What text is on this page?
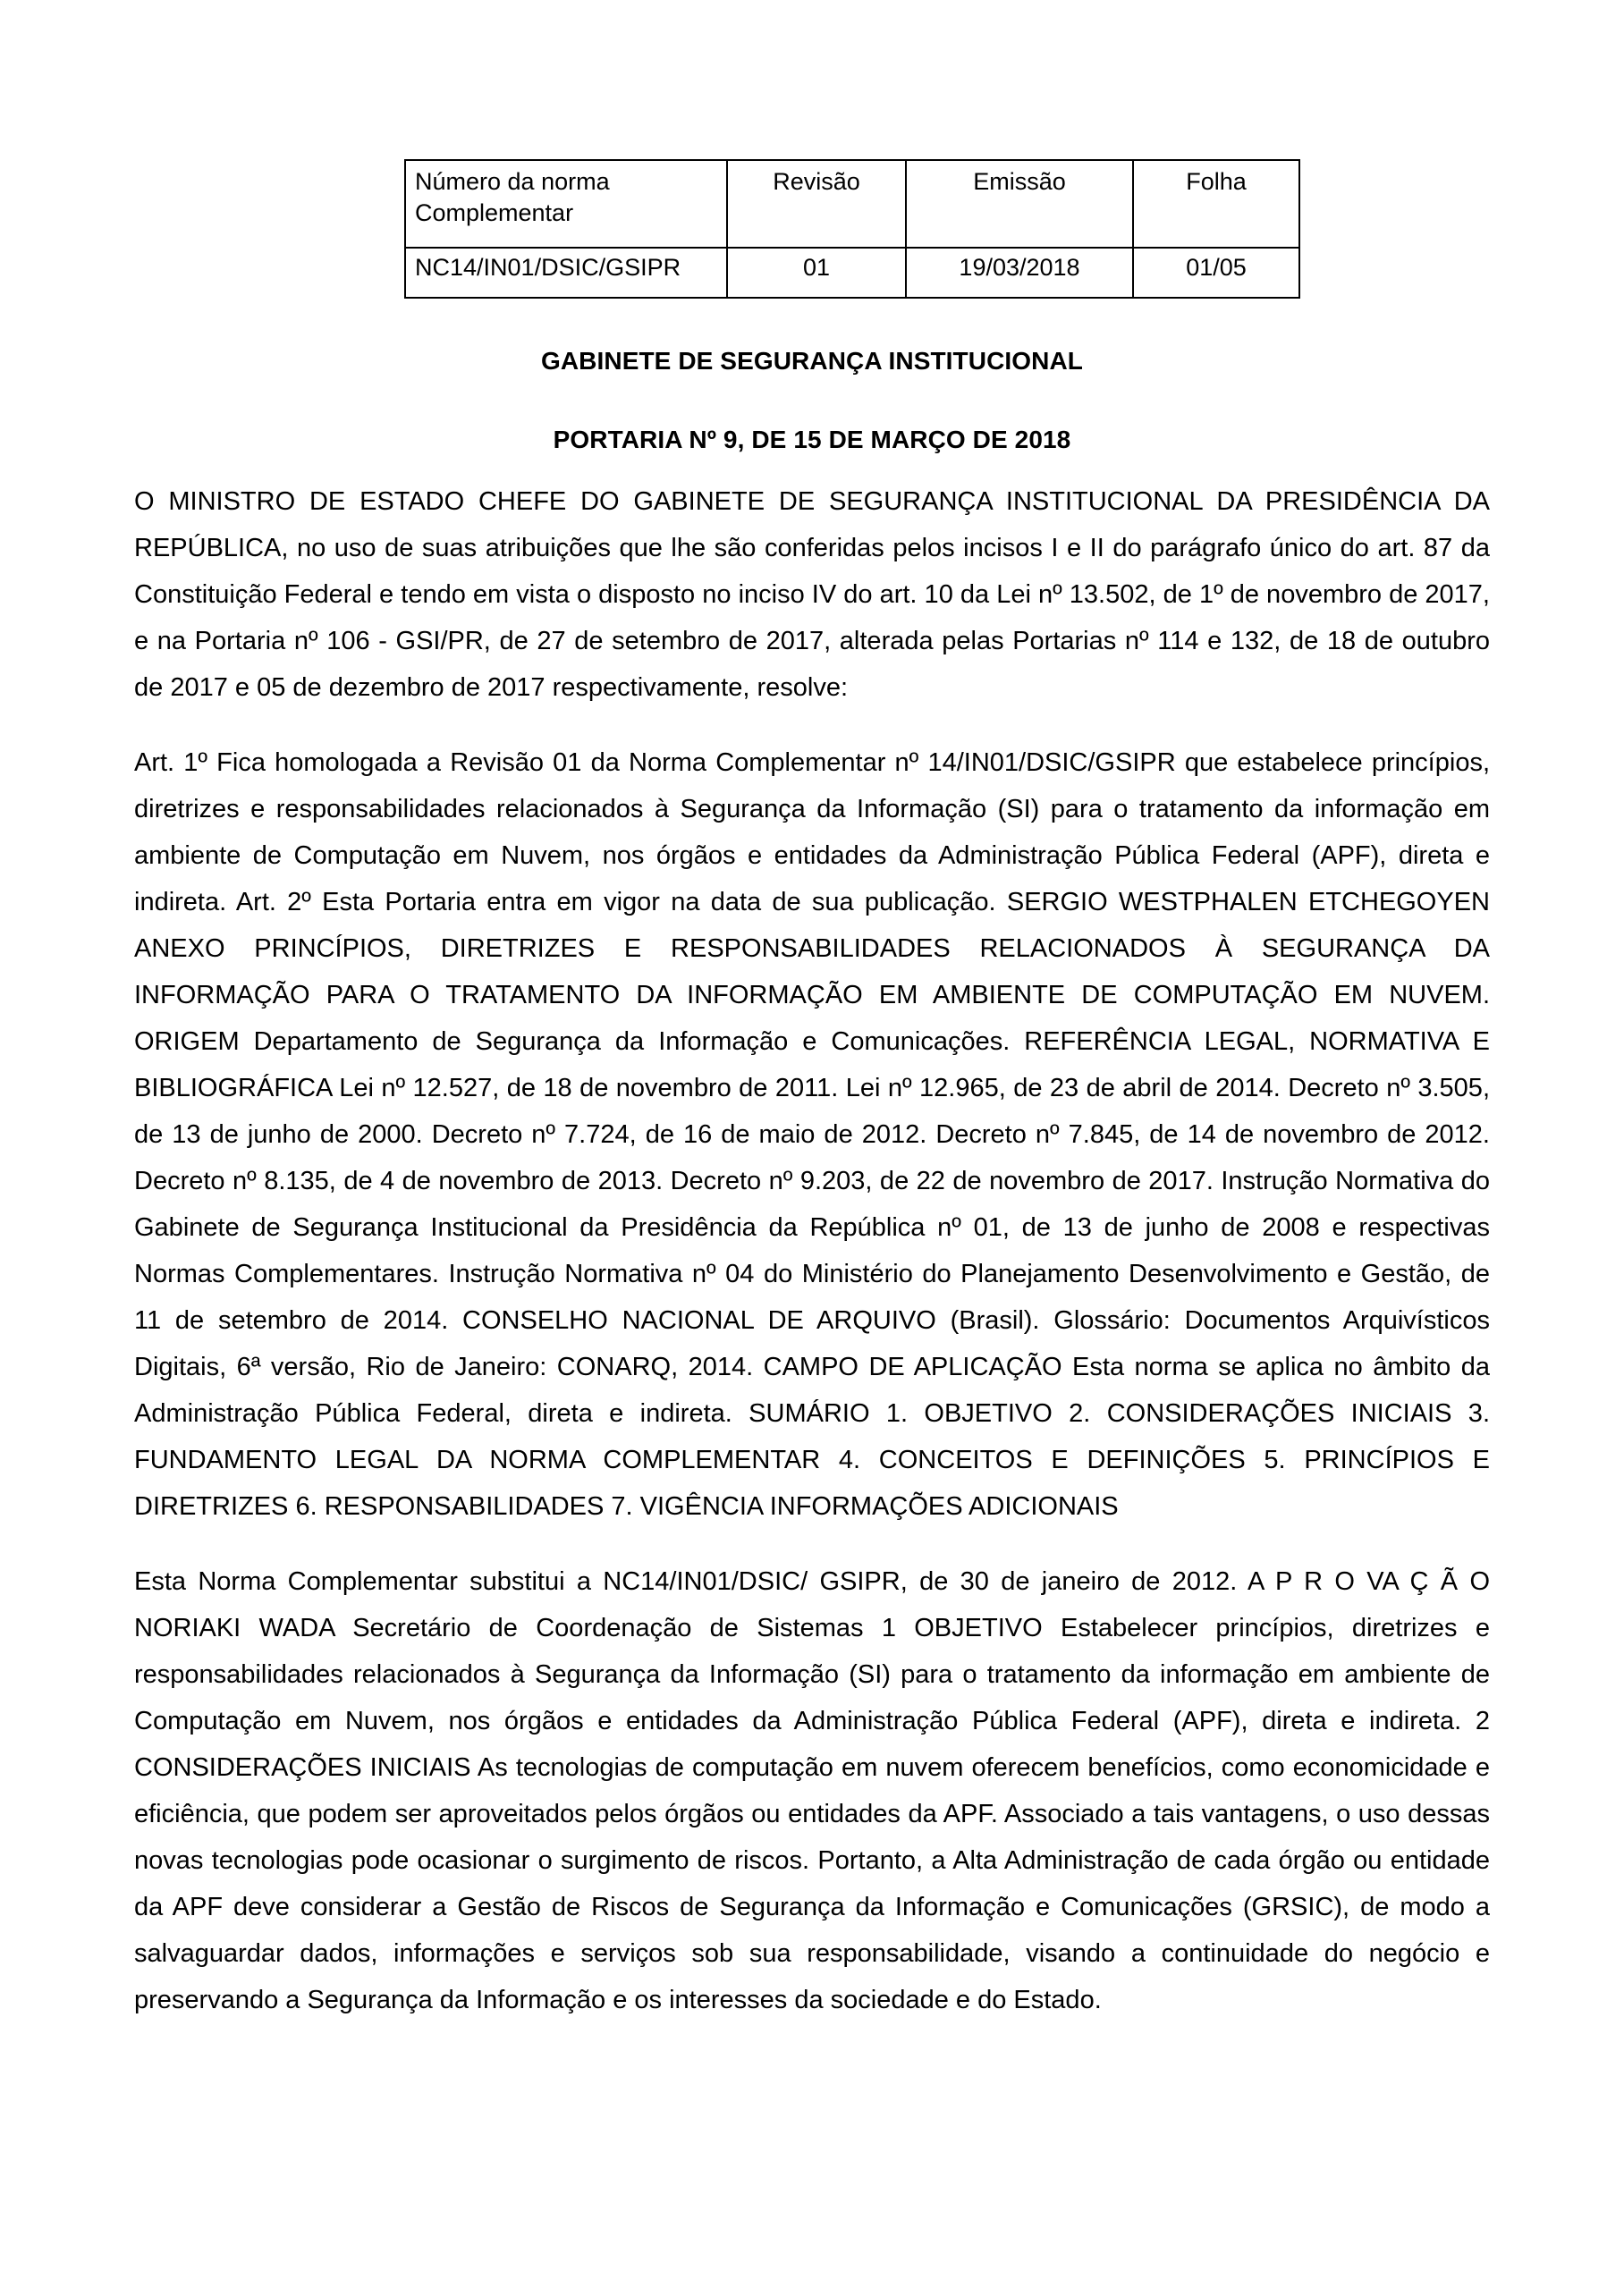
Número da norma
Complementar	Revisão	Emissão	Folha
NC14/IN01/DSIC/GSIPR	01	19/03/2018	01/05
GABINETE DE SEGURANÇA INSTITUCIONAL
PORTARIA Nº 9, DE 15 DE MARÇO DE 2018

O MINISTRO DE ESTADO CHEFE DO GABINETE DE SEGURANÇA INSTITUCIONAL DA PRESIDÊNCIA DA REPÚBLICA, no uso de suas atribuições que lhe são conferidas pelos incisos I e II do parágrafo único do art. 87 da Constituição Federal e tendo em vista o disposto no inciso IV do art. 10 da Lei nº 13.502, de 1º de novembro de 2017, e na Portaria nº 106 - GSI/PR, de 27 de setembro de 2017, alterada pelas Portarias nº 114 e 132, de 18 de outubro de 2017 e 05 de dezembro de 2017 respectivamente, resolve:

Art. 1º Fica homologada a Revisão 01 da Norma Complementar nº 14/IN01/DSIC/GSIPR que estabelece princípios, diretrizes e responsabilidades relacionados à Segurança da Informação (SI) para o tratamento da informação em ambiente de Computação em Nuvem, nos órgãos e entidades da Administração Pública Federal (APF), direta e indireta. Art. 2º Esta Portaria entra em vigor na data de sua publicação. SERGIO WESTPHALEN ETCHEGOYEN ANEXO PRINCÍPIOS, DIRETRIZES E RESPONSABILIDADES RELACIONADOS À SEGURANÇA DA INFORMAÇÃO PARA O TRATAMENTO DA INFORMAÇÃO EM AMBIENTE DE COMPUTAÇÃO EM NUVEM. ORIGEM Departamento de Segurança da Informação e Comunicações. REFERÊNCIA LEGAL, NORMATIVA E BIBLIOGRÁFICA Lei nº 12.527, de 18 de novembro de 2011. Lei nº 12.965, de 23 de abril de 2014. Decreto nº 3.505, de 13 de junho de 2000. Decreto nº 7.724, de 16 de maio de 2012. Decreto nº 7.845, de 14 de novembro de 2012. Decreto nº 8.135, de 4 de novembro de 2013. Decreto nº 9.203, de 22 de novembro de 2017. Instrução Normativa do Gabinete de Segurança Institucional da Presidência da República nº 01, de 13 de junho de 2008 e respectivas Normas Complementares. Instrução Normativa nº 04 do Ministério do Planejamento Desenvolvimento e Gestão, de 11 de setembro de 2014. CONSELHO NACIONAL DE ARQUIVO (Brasil). Glossário: Documentos Arquivísticos Digitais, 6ª versão, Rio de Janeiro: CONARQ, 2014. CAMPO DE APLICAÇÃO Esta norma se aplica no âmbito da Administração Pública Federal, direta e indireta. SUMÁRIO 1. OBJETIVO 2. CONSIDERAÇÕES INICIAIS 3. FUNDAMENTO LEGAL DA NORMA COMPLEMENTAR 4. CONCEITOS E DEFINIÇÕES 5. PRINCÍPIOS E DIRETRIZES 6. RESPONSABILIDADES 7. VIGÊNCIA INFORMAÇÕES ADICIONAIS

Esta Norma Complementar substitui a NC14/IN01/DSIC/ GSIPR, de 30 de janeiro de 2012. A P R O VA Ç Ã O NORIAKI WADA Secretário de Coordenação de Sistemas 1 OBJETIVO Estabelecer princípios, diretrizes e responsabilidades relacionados à Segurança da Informação (SI) para o tratamento da informação em ambiente de Computação em Nuvem, nos órgãos e entidades da Administração Pública Federal (APF), direta e indireta. 2 CONSIDERAÇÕES INICIAIS As tecnologias de computação em nuvem oferecem benefícios, como economicidade e eficiência, que podem ser aproveitados pelos órgãos ou entidades da APF. Associado a tais vantagens, o uso dessas novas tecnologias pode ocasionar o surgimento de riscos. Portanto, a Alta Administração de cada órgão ou entidade da APF deve considerar a Gestão de Riscos de Segurança da Informação e Comunicações (GRSIC), de modo a salvaguardar dados, informações e serviços sob sua responsabilidade, visando a continuidade do negócio e preservando a Segurança da Informação e os interesses da sociedade e do Estado.
